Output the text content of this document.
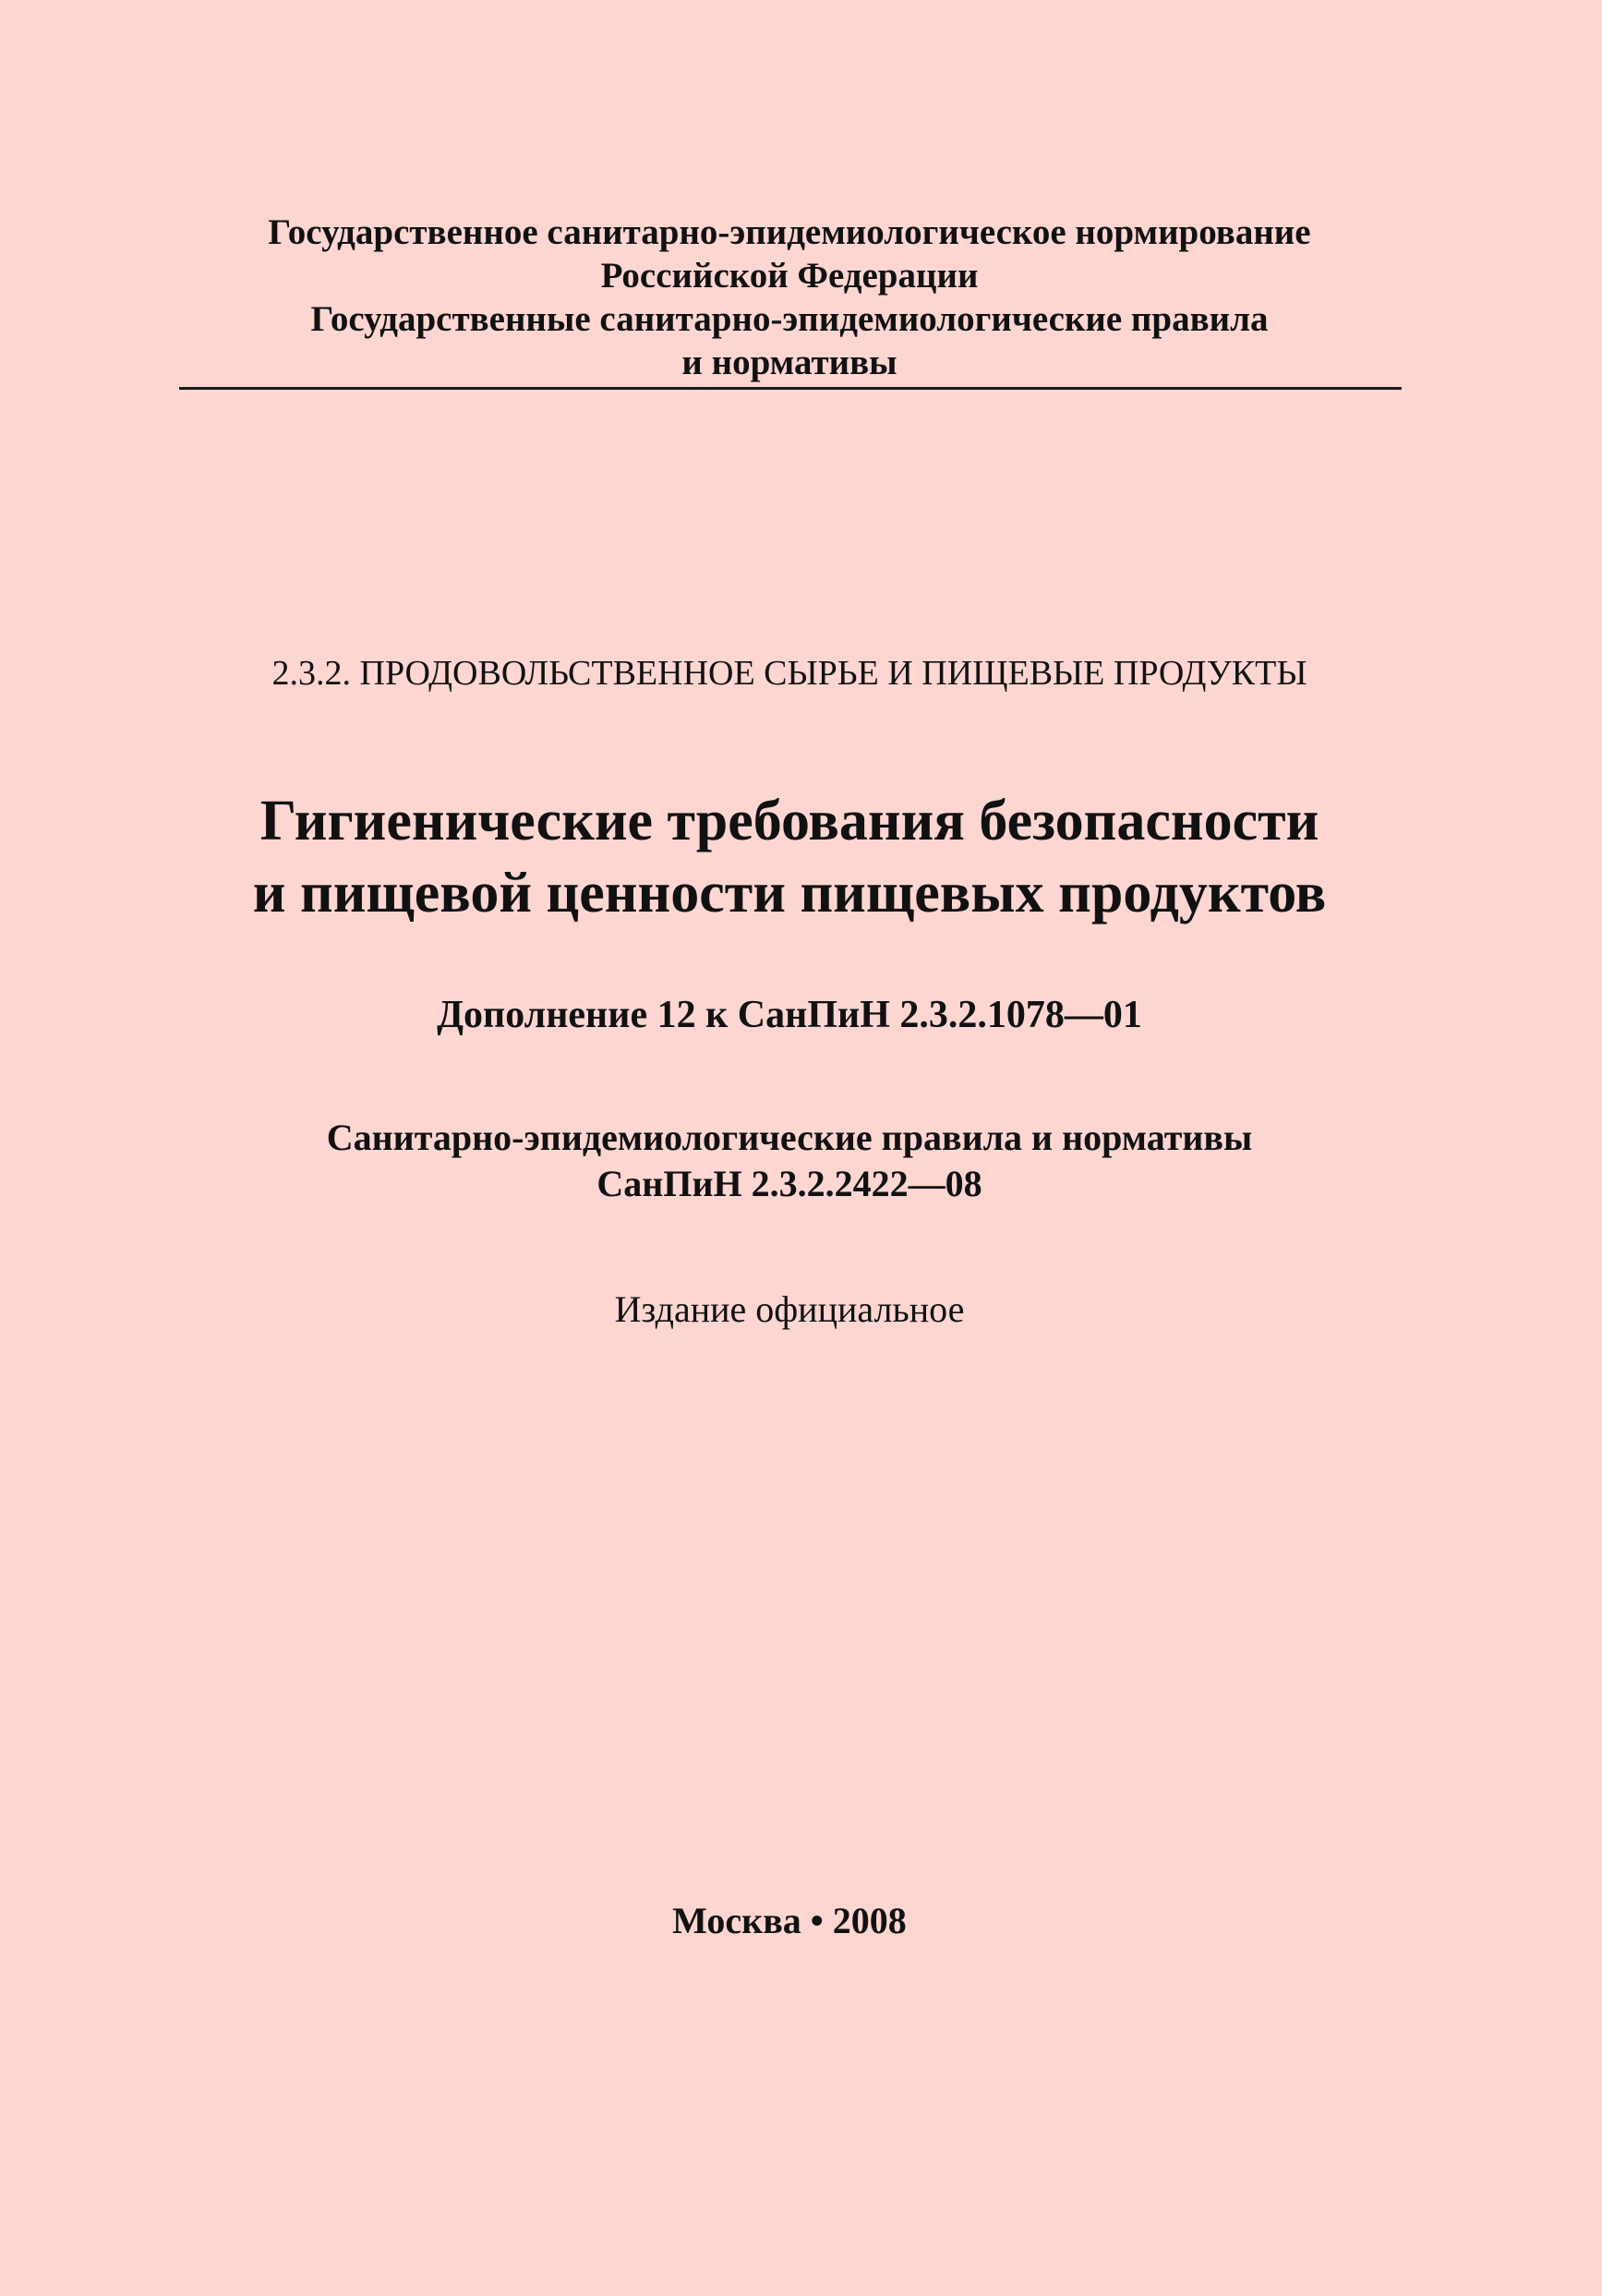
Государственное санитарно-эпидемиологическое нормирование
Российской Федерации
Государственные санитарно-эпидемиологические правила
и нормативы
2.3.2. ПРОДОВОЛЬСТВЕННОЕ СЫРЬЕ И ПИЩЕВЫЕ ПРОДУКТЫ
Гигиенические требования безопасности
и пищевой ценности пищевых продуктов
Дополнение 12 к СанПиН 2.3.2.1078—01
Санитарно-эпидемиологические правила и нормативы
СанПиН 2.3.2.2422—08
Издание официальное
Москва • 2008
